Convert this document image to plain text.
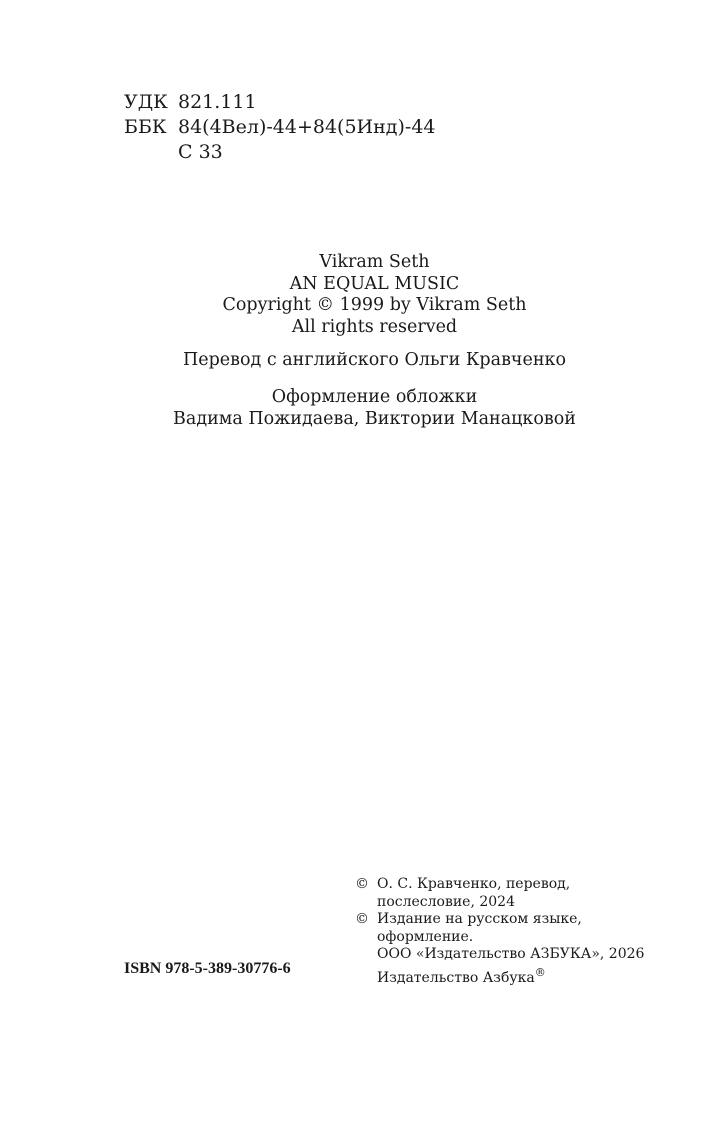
УДК 821.111
ББК 84(4Вел)-44+84(5Инд)-44
С 33
Vikram Seth
AN EQUAL MUSIC
Copyright © 1999 by Vikram Seth
All rights reserved
Перевод с английского Ольги Кравченко
Оформление обложки
Вадима Пожидаева, Виктории Манацковой
ISBN 978-5-389-30776-6
© О. С. Кравченко, перевод,
послесловие, 2024
© Издание на русском языке,
оформление.
ООО «Издательство АЗБУКА», 2026
Издательство Азбука®
